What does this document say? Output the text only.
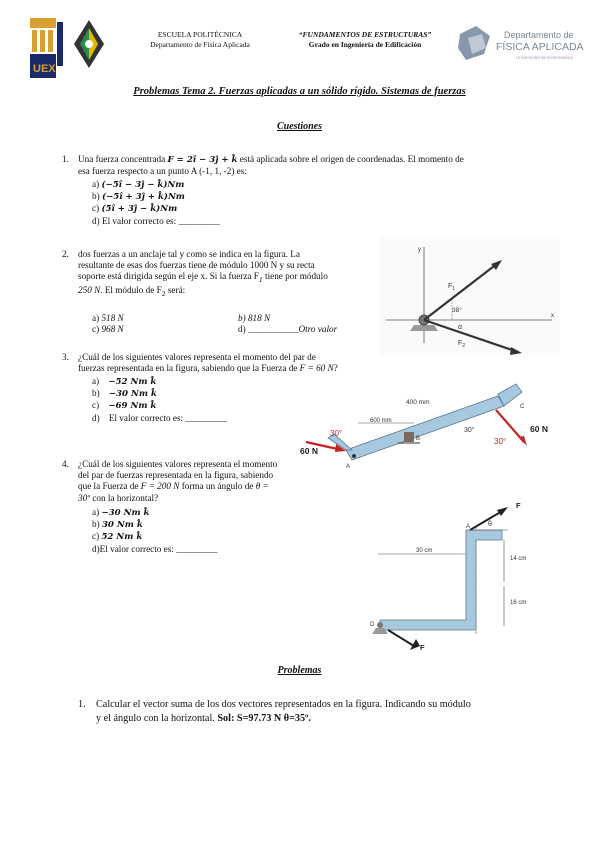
UEX
ESCUELA POLITÉCNICA
Departamento de Física Aplicada
“FUNDAMENTOS DE ESTRUCTURAS”
Grado en Ingeniería de Edificación
Departamento de
FÍSICA APLICADA
Universidad de Extremadura
Problemas Tema 2. Fuerzas aplicadas a un sólido rígido. Sistemas de fuerzas
Cuestiones
1. Una fuerza concentrada F = 2î − 3ĵ + k̂ está aplicada sobre el origen de coordenadas. El momento de
esa fuerza respecto a un punto A (-1, 1, -2) es:
a) (−5î − 3ĵ − k̂)Nm
b) (−5î + 3ĵ + k̂)Nm
c) (5î + 3ĵ − k̂)Nm
d) El valor correcto es: _________
2. dos fuerzas a un anclaje tal y como se indica en la figura. La
resultante de esas dos fuerzas tiene de módulo 1000 N y su recta
soporte está dirigida según el eje x. Si la fuerza $F_1$ tiene por módulo
250 N. El módulo de $F_2$ será:
a) 518 N	b) 818 N
c) 968 N	d) ___________Otro valor
y
x
$F_1$
38°
α
$F_2$
3. ¿Cuál de los siguientes valores representa el momento del par de
fuerzas representada en la figura, sabiendo que la Fuerza de F = 60 N?
a) −52 Nm k̂
b) −30 Nm k̂
c) −69 Nm k̂
d) El valor correcto es: _________	600 mm
400 mm
30°
60 N
30°	60 N
30°
A
B
C
4. ¿Cuál de los siguientes valores representa el momento
del par de fuerzas representada en la figura, sabiendo
que la Fuerza de F = 200 N forma un ángulo de θ =
30º con la horizontal?
a) −30 Nm k̂
b) 30 Nm k̂
c) 52 Nm k̂
d)El valor correcto es: _________	30 cm
14 cm
16 cm
F
θ
A
D
F
Problemas
1. Calcular el vector suma de los dos vectores representados en la figura. Indicando su módulo
y el ángulo con la horizontal. Sol: S=97.73 N θ=35º.
